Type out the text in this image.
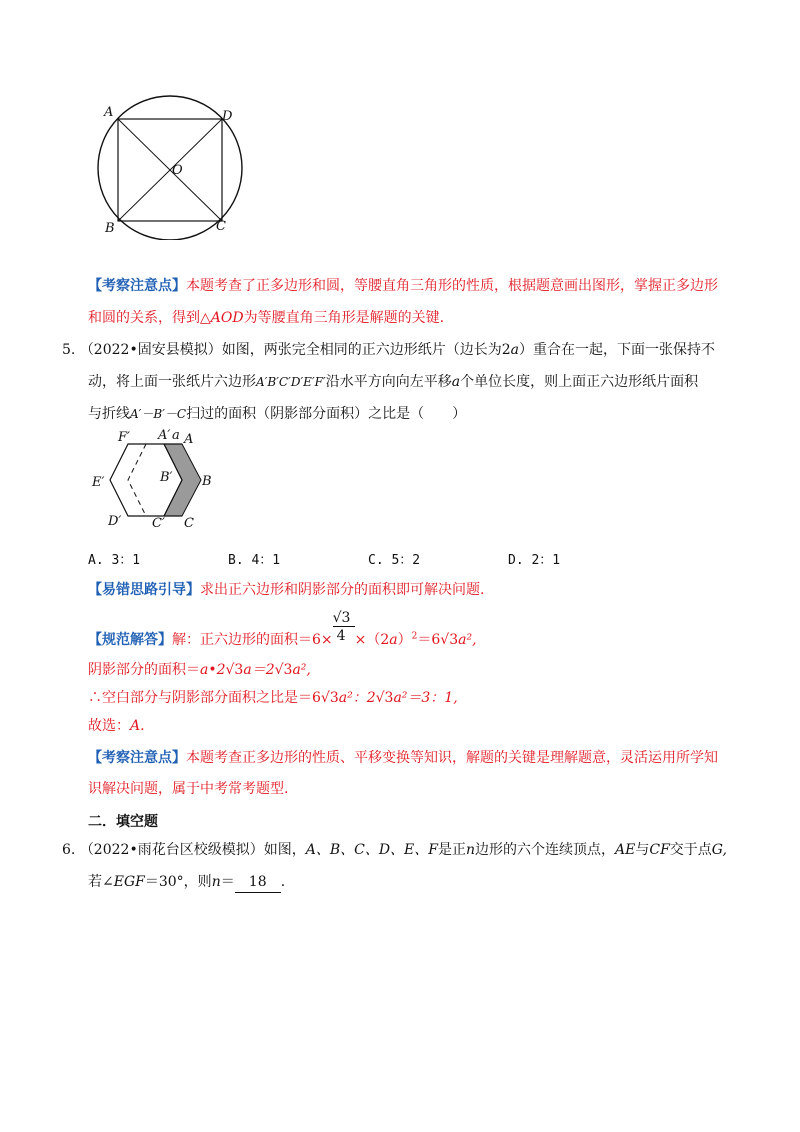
A	D
O
B	C
【考察注意点】本题考查了正多边形和圆，等腰直角三角形的性质，根据题意画出图形，掌握正多边形
和圆的关系，得到△AOD为等腰直角三角形是解题的关键.
5. （2022•固安县模拟）如图，两张完全相同的正六边形纸片（边长为2a）重合在一起，下面一张保持不
动，将上面一张纸片六边形A′B′C′D′E′F′沿水平方向向左平移a个单位长度，则上面正六边形纸片面积
与折线A′－B′－C扫过的面积（阴影部分面积）之比是（　　）
F′ A′ a A
E′	B′ B
D′ C′ C
A. 3：1	B. 4：1	C. 5：2	D. 2：1
【易错思路引导】求出正六边形和阴影部分的面积即可解决问题.
【规范解答】解：正六边形的面积$=6\times \frac{√3}{4} \times(2a)^2=6√3a^2$,
阴影部分的面积＝a•2√3a＝2√3a²,
∴空白部分与阴影部分面积之比是＝6√3a²：2√3a²＝3：1,
故选：A.
【考察注意点】本题考查正多边形的性质、平移变换等知识，解题的关键是理解题意，灵活运用所学知
识解决问题，属于中考常考题型.
二．填空题
6. （2022•雨花台区校级模拟）如图，A、B、C、D、E、F是正n边形的六个连续顶点，AE与CF交于点G,
若∠EGF＝30°，则n＝ 18 .
